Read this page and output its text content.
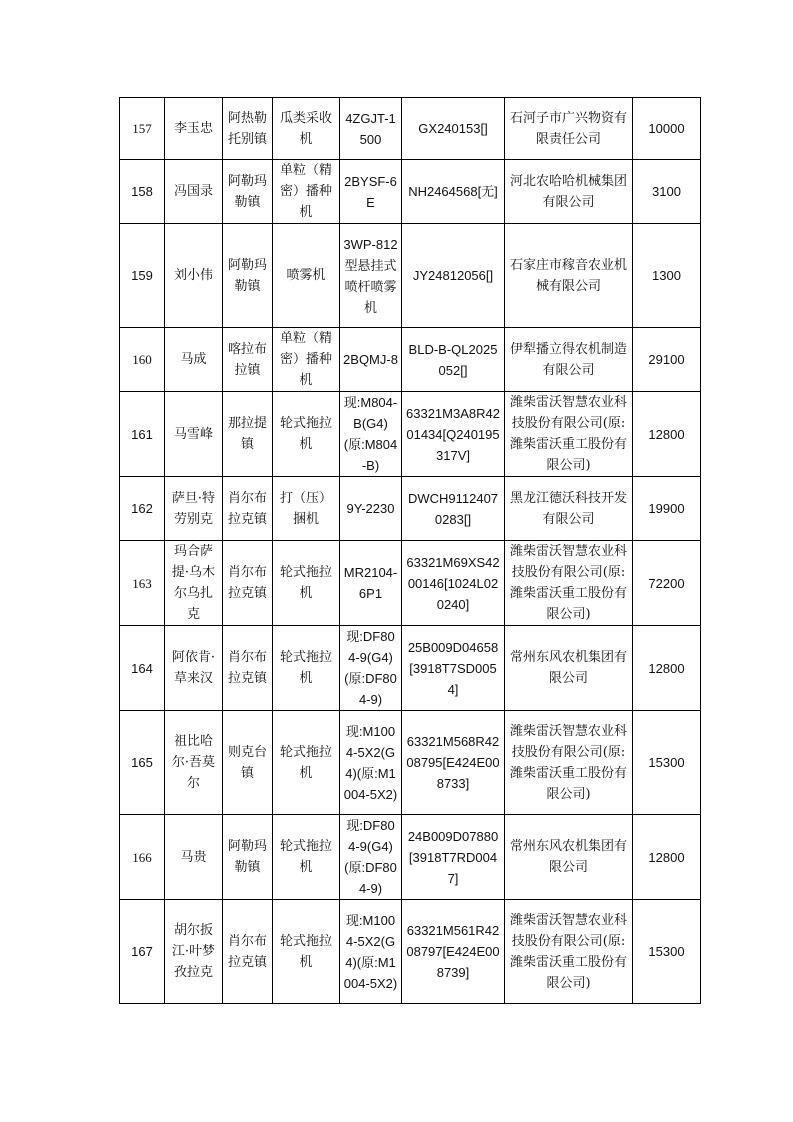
157	李玉忠	阿热勒托别镇	瓜类采收机	4ZGJT-1500	GX240153[]	石河子市广兴物资有限责任公司	10000
158	冯国录	阿勒玛勒镇	单粒（精密）播种机	2BYSF-6E	NH2464568[无]	河北农哈哈机械集团有限公司	3100
159	刘小伟	阿勒玛勒镇	喷雾机	3WP-812型悬挂式喷杆喷雾机	JY24812056[]	石家庄市稼音农业机械有限公司	1300
160	马成	喀拉布拉镇	单粒（精密）播种机	2BQMJ-8	BLD-B-QL2025052[]	伊犁播立得农机制造有限公司	29100
161	马雪峰	那拉提镇	轮式拖拉机	现:M804-B(G4)(原:M804-B)	63321M3A8R4201434[Q240195317V]	潍柴雷沃智慧农业科技股份有限公司(原:潍柴雷沃重工股份有限公司)	12800
162	萨旦·特劳别克	肖尔布拉克镇	打（压）捆机	9Y-2230	DWCH91124070283[]	黑龙江德沃科技开发有限公司	19900
163	玛合萨提·乌木尔乌扎克	肖尔布拉克镇	轮式拖拉机	MR2104-6P1	63321M69XS4200146[1024L020240]	潍柴雷沃智慧农业科技股份有限公司(原:潍柴雷沃重工股份有限公司)	72200
164	阿依肯·草来汉	肖尔布拉克镇	轮式拖拉机	现:DF804-9(G4)(原:DF804-9)	25B009D04658[3918T7SD0054]	常州东风农机集团有限公司	12800
165	祖比哈尔·吾莫尔	则克台镇	轮式拖拉机	现:M1004-5X2(G4)(原:M1004-5X2)	63321M568R4208795[E424E008733]	潍柴雷沃智慧农业科技股份有限公司(原:潍柴雷沃重工股份有限公司)	15300
166	马贵	阿勒玛勒镇	轮式拖拉机	现:DF804-9(G4)(原:DF804-9)	24B009D07880[3918T7RD0047]	常州东风农机集团有限公司	12800
167	胡尔扳江·叶梦孜拉克	肖尔布拉克镇	轮式拖拉机	现:M1004-5X2(G4)(原:M1004-5X2)	63321M561R4208797[E424E008739]	潍柴雷沃智慧农业科技股份有限公司(原:潍柴雷沃重工股份有限公司)	15300
